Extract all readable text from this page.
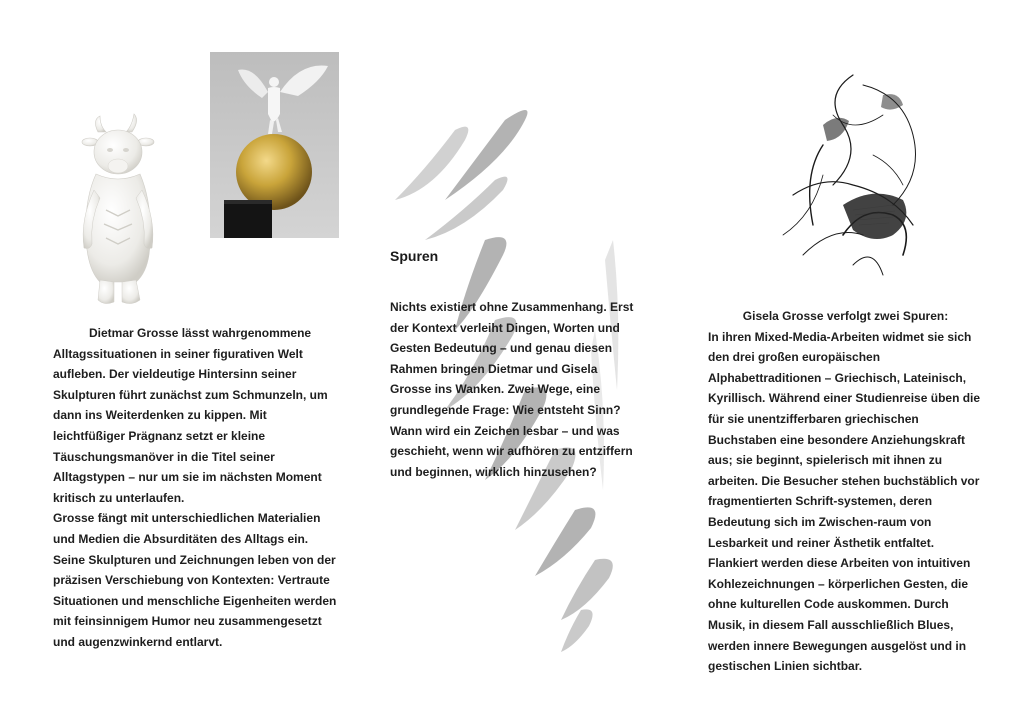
Dietmar Grosse lässt wahrgenommene Alltagssituationen in seiner figurativen Welt aufleben. Der vieldeutige Hintersinn seiner Skulpturen führt zunächst zum Schmunzeln, um dann ins Weiterdenken zu kippen. Mit leichtfüßiger Prägnanz setzt er kleine Täuschungsmanöver in die Titel seiner Alltagstypen – nur um sie im nächsten Moment kritisch zu unterlaufen.

Grosse fängt mit unterschiedlichen Materialien und Medien die Absurditäten des Alltags ein. Seine Skulpturen und Zeichnungen leben von der präzisen Verschiebung von Kontexten: Vertraute Situationen und menschliche Eigenheiten werden mit feinsinnigem Humor neu zusammengesetzt und augenzwinkernd entlarvt.

Spuren

Nichts existiert ohne Zusammenhang. Erst der Kontext verleiht Dingen, Worten und Gesten Bedeutung – und genau diesen Rahmen bringen Dietmar und Gisela Grosse ins Wanken. Zwei Wege, eine grundlegende Frage: Wie entsteht Sinn? Wann wird ein Zeichen lesbar – und was geschieht, wenn wir aufhören zu entziffern und beginnen, wirklich hinzusehen?

Gisela Grosse verfolgt zwei Spuren:

In ihren Mixed-Media-Arbeiten widmet sie sich den drei großen europäischen Alphabettraditionen – Griechisch, Lateinisch, Kyrillisch. Während einer Studienreise üben die für sie unentzifferbaren griechischen Buchstaben eine besondere Anziehungskraft aus; sie beginnt, spielerisch mit ihnen zu arbeiten. Die Besucher stehen buchstäblich vor fragmentierten Schrift-systemen, deren Bedeutung sich im Zwischen-raum von Lesbarkeit und reiner Ästhetik entfaltet.

Flankiert werden diese Arbeiten von intuitiven Kohlezeichnungen – körperlichen Gesten, die ohne kulturellen Code auskommen. Durch Musik, in diesem Fall ausschließlich Blues, werden innere Bewegungen ausgelöst und in gestischen Linien sichtbar.
